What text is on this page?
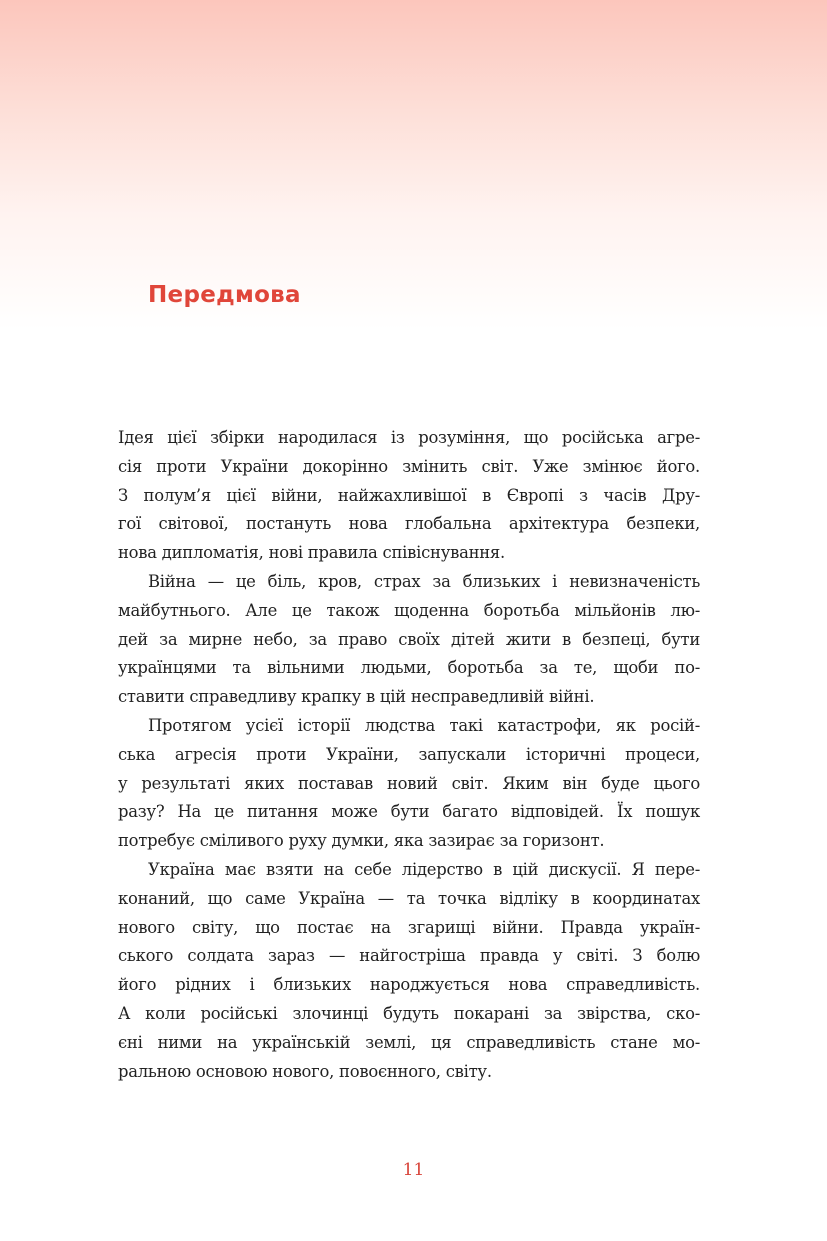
Передмова
Ідея цієї збірки народилася із розуміння, що російська агре-
сія проти України докорінно змінить світ. Уже змінює його.
З полум’я цієї війни, найжахливішої в Європі з часів Дру-
гої світової, постануть нова глобальна архітектура безпеки,
нова дипломатія, нові правила співіснування.
Війна — це біль, кров, страх за близьких і невизначеність
майбутнього. Але це також щоденна боротьба мільйонів лю-
дей за мирне небо, за право своїх дітей жити в безпеці, бути
українцями та вільними людьми, боротьба за те, щоби по-
ставити справедливу крапку в цій несправедливій війні.
Протягом усієї історії людства такі катастрофи, як росій-
ська агресія проти України, запускали історичні процеси,
у результаті яких поставав новий світ. Яким він буде цього
разу? На це питання може бути багато відповідей. Їх пошук
потребує сміливого руху думки, яка зазирає за горизонт.
Україна має взяти на себе лідерство в цій дискусії. Я пере-
конаний, що саме Україна — та точка відліку в координатах
нового світу, що постає на згарищі війни. Правда україн-
ського солдата зараз — найгостріша правда у світі. З болю
його рідних і близьких народжується нова справедливість.
А коли російські злочинці будуть покарані за звірства, ско-
єні ними на українській землі, ця справедливість стане мо-
ральною основою нового, повоєнного, світу.
11
